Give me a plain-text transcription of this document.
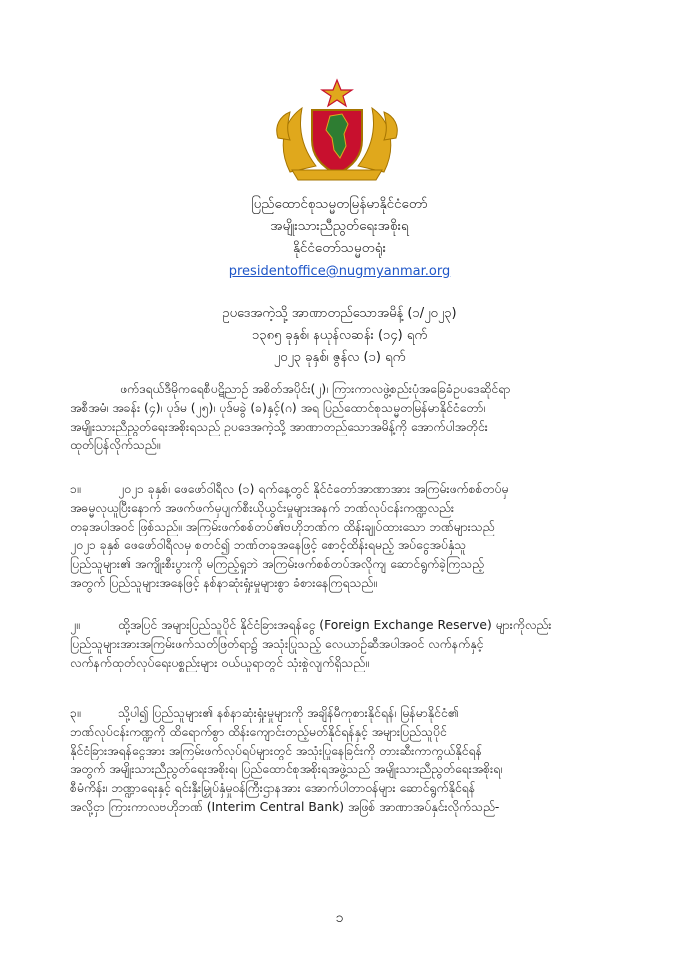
ပြည်ထောင်စုသမ္မတမြန်မာနိုင်ငံတော်
အမျိုးသားညီညွတ်ရေးအစိုးရ
နိုင်ငံတော်သမ္မတရုံး
presidentoffice@nugmyanmar.org
ဥပဒေအကဲ့သို့ အာဏာတည်သောအမိန့် (၁/၂၀၂၃)
၁၃၈၅ ခုနှစ်၊ နယုန်လဆန်း (၁၄) ရက်
၂၀၂၃ ခုနှစ်၊ ဇွန်လ (၁) ရက်
ဖက်ဒရယ်ဒီမိုကရေစီပဋိညာဉ် အစိတ်အပိုင်း(၂)၊ ကြားကာလဖွဲ့စည်းပုံအခြေခံဥပဒေဆိုင်ရာ
အစီအမံ၊ အခန်း (၄)၊ ပုဒ်မ (၂၅)၊ ပုဒ်မခွဲ (ခ)နှင့်(ဂ) အရ ပြည်ထောင်စုသမ္မတမြန်မာနိုင်ငံတော်၊
အမျိုးသားညီညွတ်ရေးအစိုးရသည် ဥပဒေအကဲ့သို့ အာဏာတည်သောအမိန့်ကို အောက်ပါအတိုင်း
ထုတ်ပြန်လိုက်သည်။
၁။	၂၀၂၁ ခုနှစ်၊ ဖေဖော်ဝါရီလ (၁) ရက်နေ့တွင် နိုင်ငံတော်အာဏာအား အကြမ်းဖက်စစ်တပ်မှ
အဓမ္မလုယူပြီးနောက် အဖက်ဖက်မှပျက်စီးယိုယွင်းမှုများအနက် ဘဏ်လုပ်ငန်းကဏ္ဍလည်း
တခုအပါအဝင် ဖြစ်သည်။ အကြမ်းဖက်စစ်တပ်၏ဗဟိုဘဏ်က ထိန်းချုပ်ထားသော ဘဏ်များသည်
၂၀၂၁ ခုနှစ် ဖေဖော်ဝါရီလမှ စတင်၍ ဘဏ်တခုအနေဖြင့် စောင့်ထိန်းရမည့် အပ်ငွေအပ်နှံသူ
ပြည်သူများ၏ အကျိုးစီးပွားကို မကြည့်ရှုဘဲ အကြမ်းဖက်စစ်တပ်အလိုကျ ဆောင်ရွက်ခဲ့ကြသည့်
အတွက် ပြည်သူများအနေဖြင့် နစ်နာဆုံးရှုံးမှုများစွာ ခံစားနေကြရသည်။
၂။	ထို့အပြင် အများပြည်သူပိုင် နိုင်ငံခြားအရန်ငွေ (Foreign Exchange Reserve) များကိုလည်း
ပြည်သူများအားအကြမ်းဖက်သတ်ဖြတ်ရာ၌ အသုံးပြုသည့် လေယာဉ်ဆီအပါအဝင် လက်နက်နှင့်
လက်နက်ထုတ်လုပ်ရေးပစ္စည်းများ ဝယ်ယူရာတွင် သုံးစွဲလျက်ရှိသည်။
၃။	သို့ပါ၍ ပြည်သူများ၏ နစ်နာဆုံးရှုံးမှုများကို အချိန်မီကုစားနိုင်ရန်၊ မြန်မာနိုင်ငံ၏
ဘဏ်လုပ်ငန်းကဏ္ဍကို ထိရောက်စွာ ထိန်းကျောင်းတည့်မတ်နိုင်ရန်နှင့် အများပြည်သူပိုင်
နိုင်ငံခြားအရန်ငွေအား အကြမ်းဖက်လုပ်ရပ်များတွင် အသုံးပြုနေခြင်းကို တားဆီးကာကွယ်နိုင်ရန်
အတွက် အမျိုးသားညီညွတ်ရေးအစိုးရ၊ ပြည်ထောင်စုအစိုးရအဖွဲ့သည် အမျိုးသားညီညွတ်ရေးအစိုးရ၊
စီမံကိန်း၊ ဘဏ္ဍာရေးနှင့် ရင်းနှီးမြှုပ်နှံမှုဝန်ကြီးဌာနအား အောက်ပါတာဝန်များ ဆောင်ရွက်နိုင်ရန်
အလို့ငှာ ကြားကာလဗဟိုဘဏ် (Interim Central Bank) အဖြစ် အာဏာအပ်နှင်းလိုက်သည်-
၁
